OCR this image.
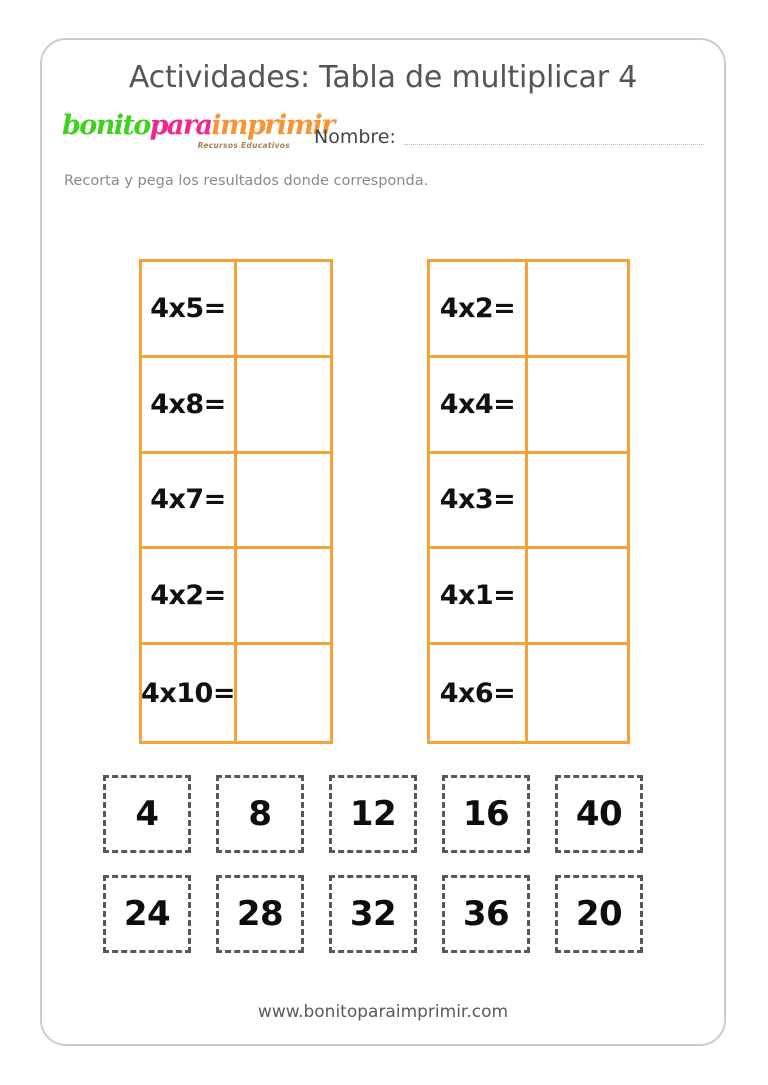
Actividades: Tabla de multiplicar 4
bonitoparaimprimir
Recursos Educativos Nombre:
Recorta y pega los resultados donde corresponda.
4x5=
4x8=
4x7=
4x2=
4x10=
4x2=
4x4=
4x3=
4x1=
4x6=
4	8	12	16	40
24	28	32	36	20
www.bonitoparaimprimir.com
